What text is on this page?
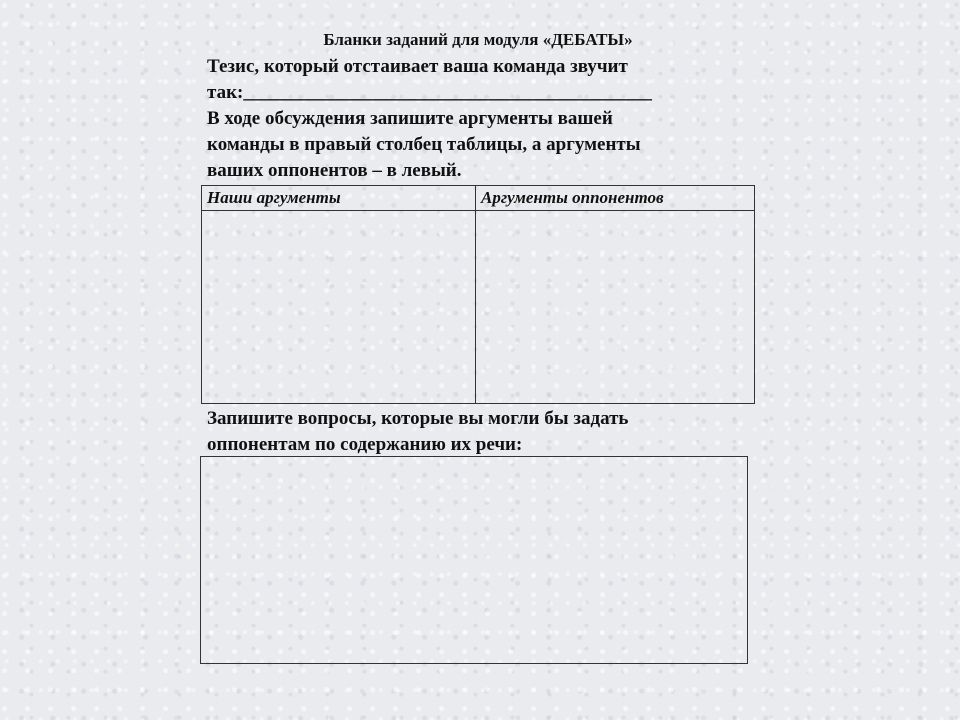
Бланки заданий для модуля «ДЕБАТЫ»
Тезис, который отстаивает ваша команда звучит
так:___________________________________________
В ходе обсуждения запишите аргументы вашей
команды в правый столбец таблицы, а аргументы
ваших оппонентов – в левый.
Наши аргументы	Аргументы оппонентов

Запишите вопросы, которые вы могли бы задать
оппонентам по содержанию их речи:
